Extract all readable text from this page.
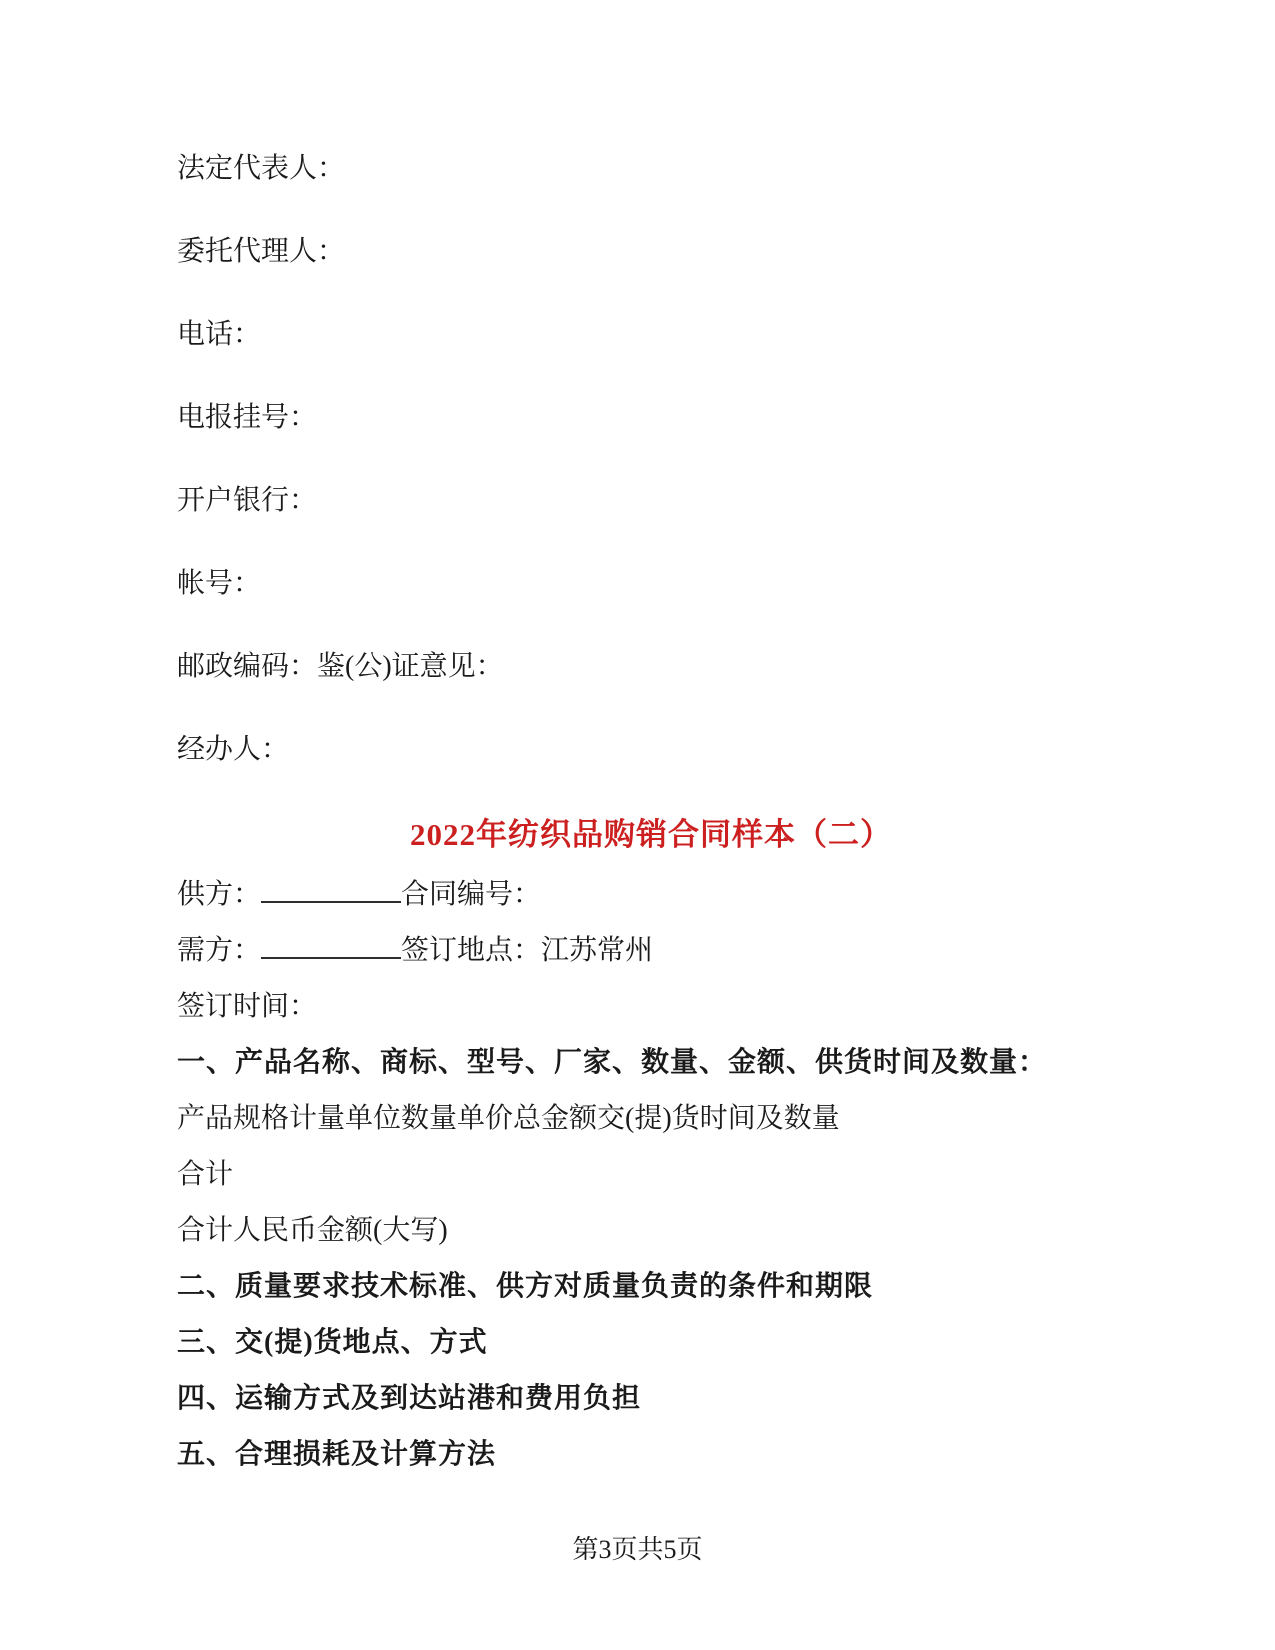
法定代表人：

委托代理人：

电话：

电报挂号：

开户银行：

帐号：

邮政编码：鉴(公)证意见：

经办人：

2022年纺织品购销合同样本（二）

供方：	合同编号：

需方：	签订地点：江苏常州

签订时间：

一、产品名称、商标、型号、厂家、数量、金额、供货时间及数量：

产品规格计量单位数量单价总金额交(提)货时间及数量

合计

合计人民币金额(大写)

二、质量要求技术标准、供方对质量负责的条件和期限

三、交(提)货地点、方式

四、运输方式及到达站港和费用负担

五、合理损耗及计算方法

第3页共5页
